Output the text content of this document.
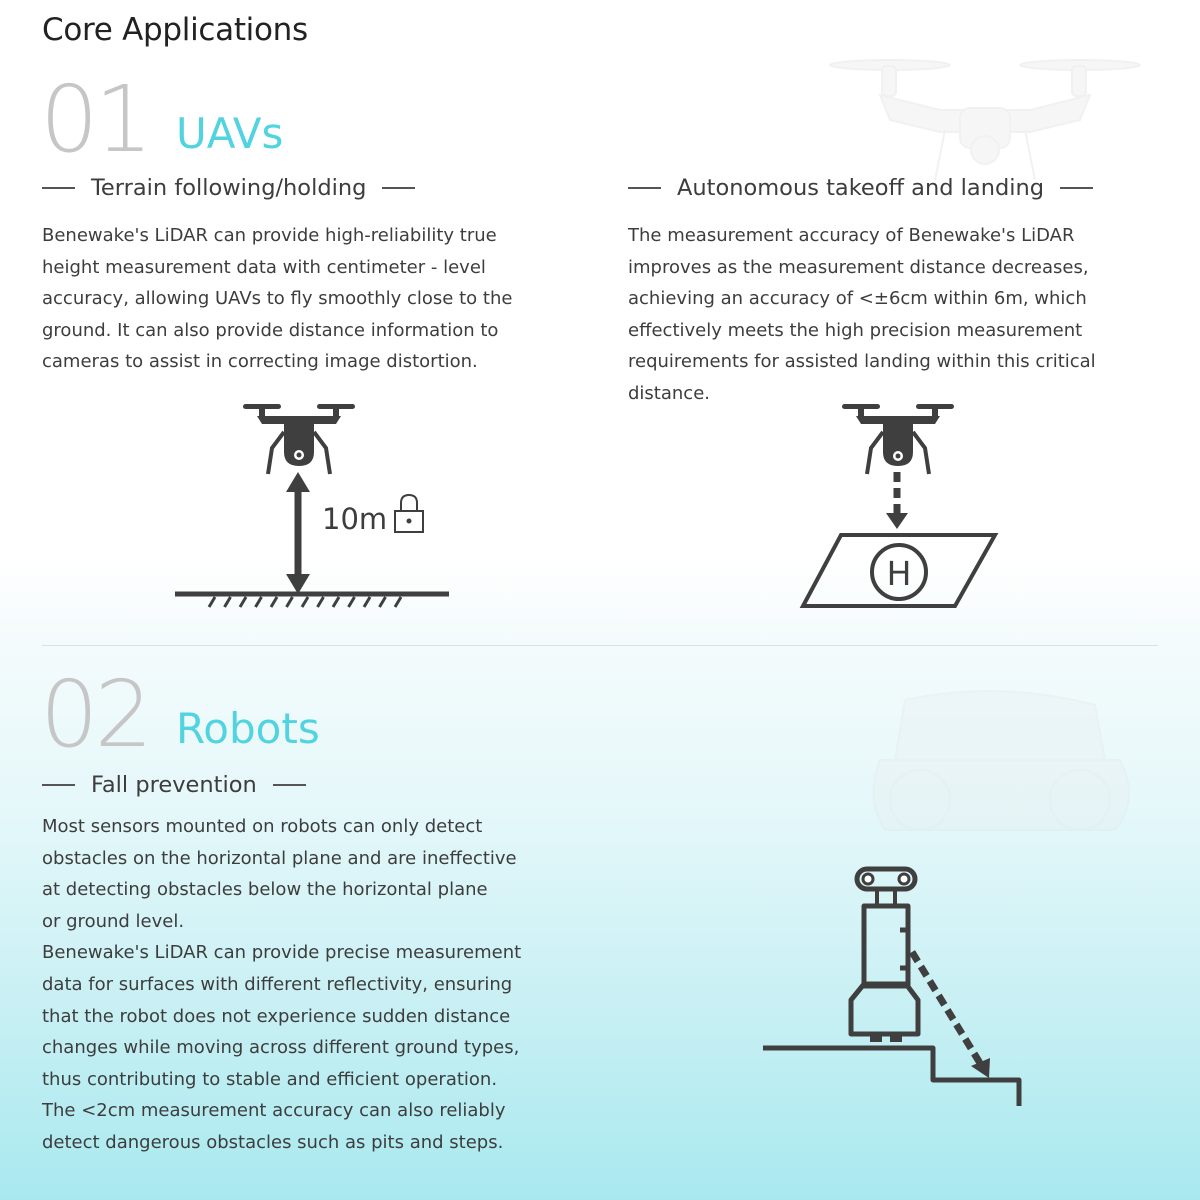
Core Applications
01 UAVs
Terrain following/holding
Benewake's LiDAR can provide high-reliability true
height measurement data with centimeter - level
accuracy, allowing UAVs to fly smoothly close to the
ground. It can also provide distance information to
cameras to assist in correcting image distortion.
Autonomous takeoff and landing
The measurement accuracy of Benewake's LiDAR
improves as the measurement distance decreases,
achieving an accuracy of <±6cm within 6m, which
effectively meets the high precision measurement
requirements for assisted landing within this critical
distance.
10m
H
02 Robots
Fall prevention
Most sensors mounted on robots can only detect
obstacles on the horizontal plane and are ineffective
at detecting obstacles below the horizontal plane
or ground level.
Benewake's LiDAR can provide precise measurement
data for surfaces with different reflectivity, ensuring
that the robot does not experience sudden distance
changes while moving across different ground types,
thus contributing to stable and efficient operation.
The <2cm measurement accuracy can also reliably
detect dangerous obstacles such as pits and steps.
